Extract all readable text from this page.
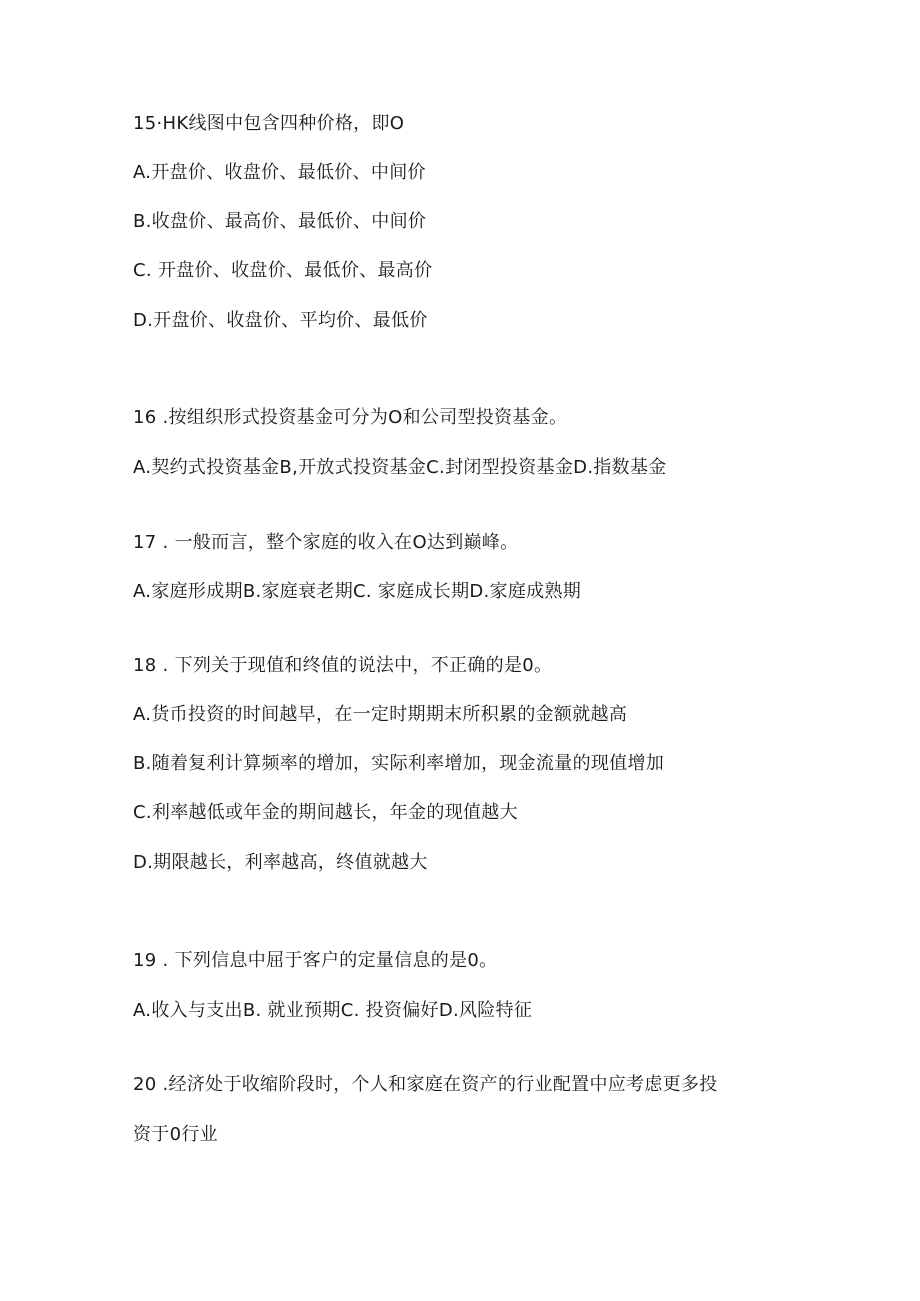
15·HK线图中包含四种价格，即O
A.开盘价、收盘价、最低价、中间价
B.收盘价、最高价、最低价、中间价
C. 开盘价、收盘价、最低价、最高价
D.开盘价、收盘价、平均价、最低价
16 .按组织形式投资基金可分为O和公司型投资基金。
A.契约式投资基金B,开放式投资基金C.封闭型投资基金D.指数基金
17 . 一般而言，整个家庭的收入在O达到巅峰。
A.家庭形成期B.家庭衰老期C. 家庭成长期D.家庭成熟期
18 . 下列关于现值和终值的说法中，不正确的是0。
A.货币投资的时间越早，在一定时期期末所积累的金额就越高
B.随着复利计算频率的增加，实际利率增加，现金流量的现值增加
C.利率越低或年金的期间越长，年金的现值越大
D.期限越长，利率越高，终值就越大
19 . 下列信息中屈于客户的定量信息的是0。
A.收入与支出B. 就业预期C. 投资偏好D.风险特征
20 .经济处于收缩阶段时，个人和家庭在资产的行业配置中应考虑更多投
资于0行业
